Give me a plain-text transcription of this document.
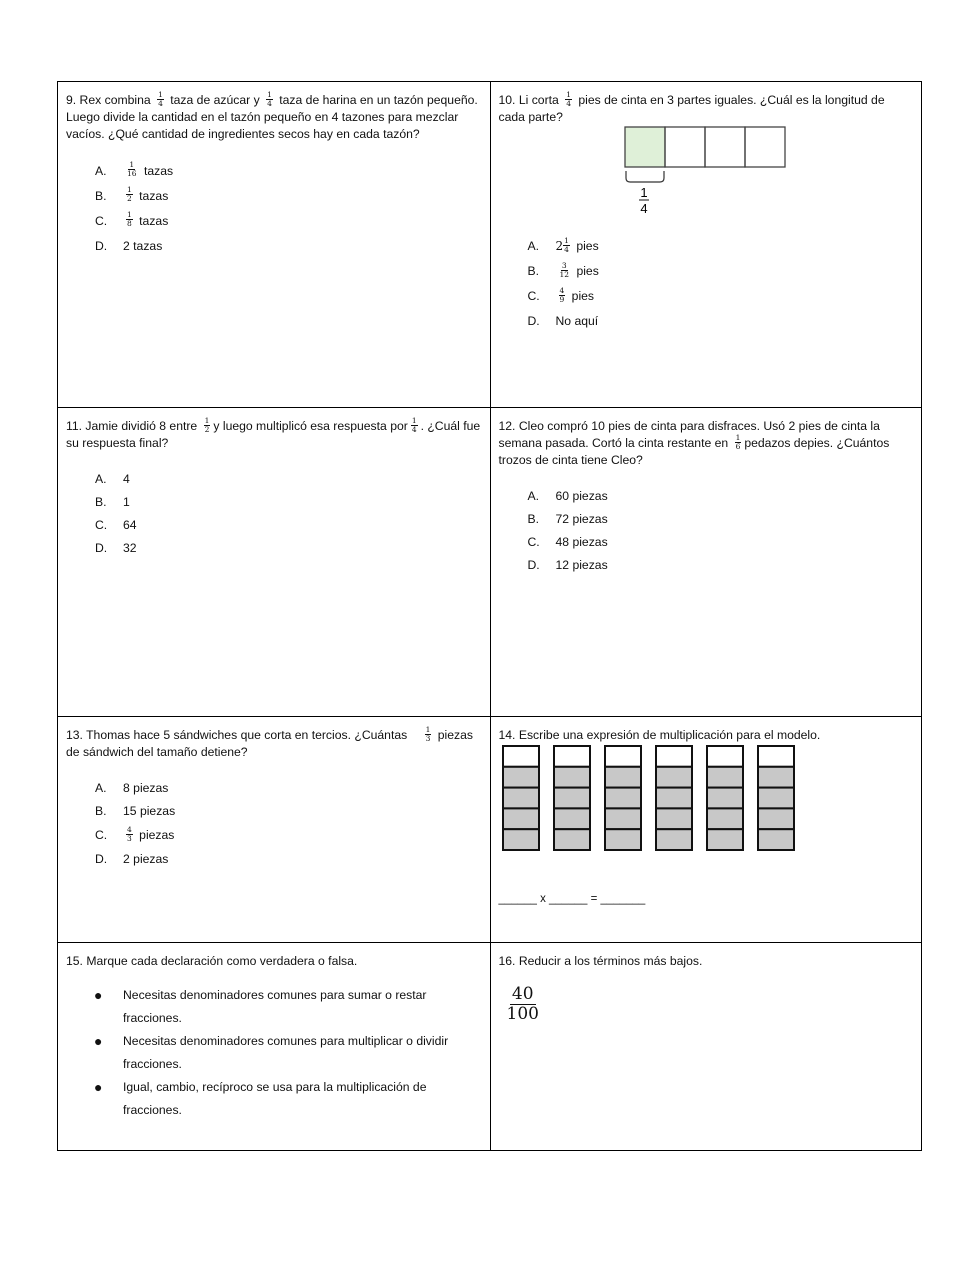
9. Rex combina $\frac{1}{4}$ taza de azúcar y $\frac{1}{4}$ taza de harina en un tazón pequeño. Luego divide la cantidad en el tazón pequeño en 4 tazones para mezclar vacíos. ¿Qué cantidad de ingredientes secos hay en cada tazón?
A.	$\frac{1}{16}$
tazas
B.	$\frac{1}{2}$
tazas
C.	$\frac{1}{8}$
tazas
D.	2 tazas
10. Li corta $\frac{1}{4}$ pies de cinta en 3 partes iguales. ¿Cuál es la longitud de cada parte?
1
4
A.	$2 \frac{1}{4}$
pies
B.	$\frac{3}{12}$
pies
C.	$\frac{4}{9}$
pies
D.	No aquí
11. Jamie dividió 8 entre $\frac{1}{2}$ y luego multiplicó esa respuesta por $\frac{1}{4}$ . ¿Cuál fue su respuesta final?
A.	4
B.	1
C.	64
D.	32
12. Cleo compró 10 pies de cinta para disfraces. Usó 2 pies de cinta la semana pasada. Cortó la cinta restante en $\frac{1}{6}$ pedazos depies. ¿Cuántos trozos de cinta tiene Cleo?
A.	60 piezas
B.	72 piezas
C.	48 piezas
D.	12 piezas
13. Thomas hace 5 sándwiches que corta en tercios. ¿Cuántas $\frac{1}{3}$ piezas de sándwich del tamaño detiene?
A.	8 piezas
B.	15 piezas
C.	$\frac{4}{3}$
piezas
D.	2 piezas
14. Escribe una expresión de multiplicación para el modelo.
______ x ______ = _______
15. Marque cada declaración como verdadera o falsa.
●	Necesitas denominadores comunes para sumar o restar fracciones.
●	Necesitas denominadores comunes para multiplicar o dividir fracciones.
●	Igual, cambio, recíproco se usa para la multiplicación de fracciones.
16. Reducir a los términos más bajos.
$\frac{40}{100}$
